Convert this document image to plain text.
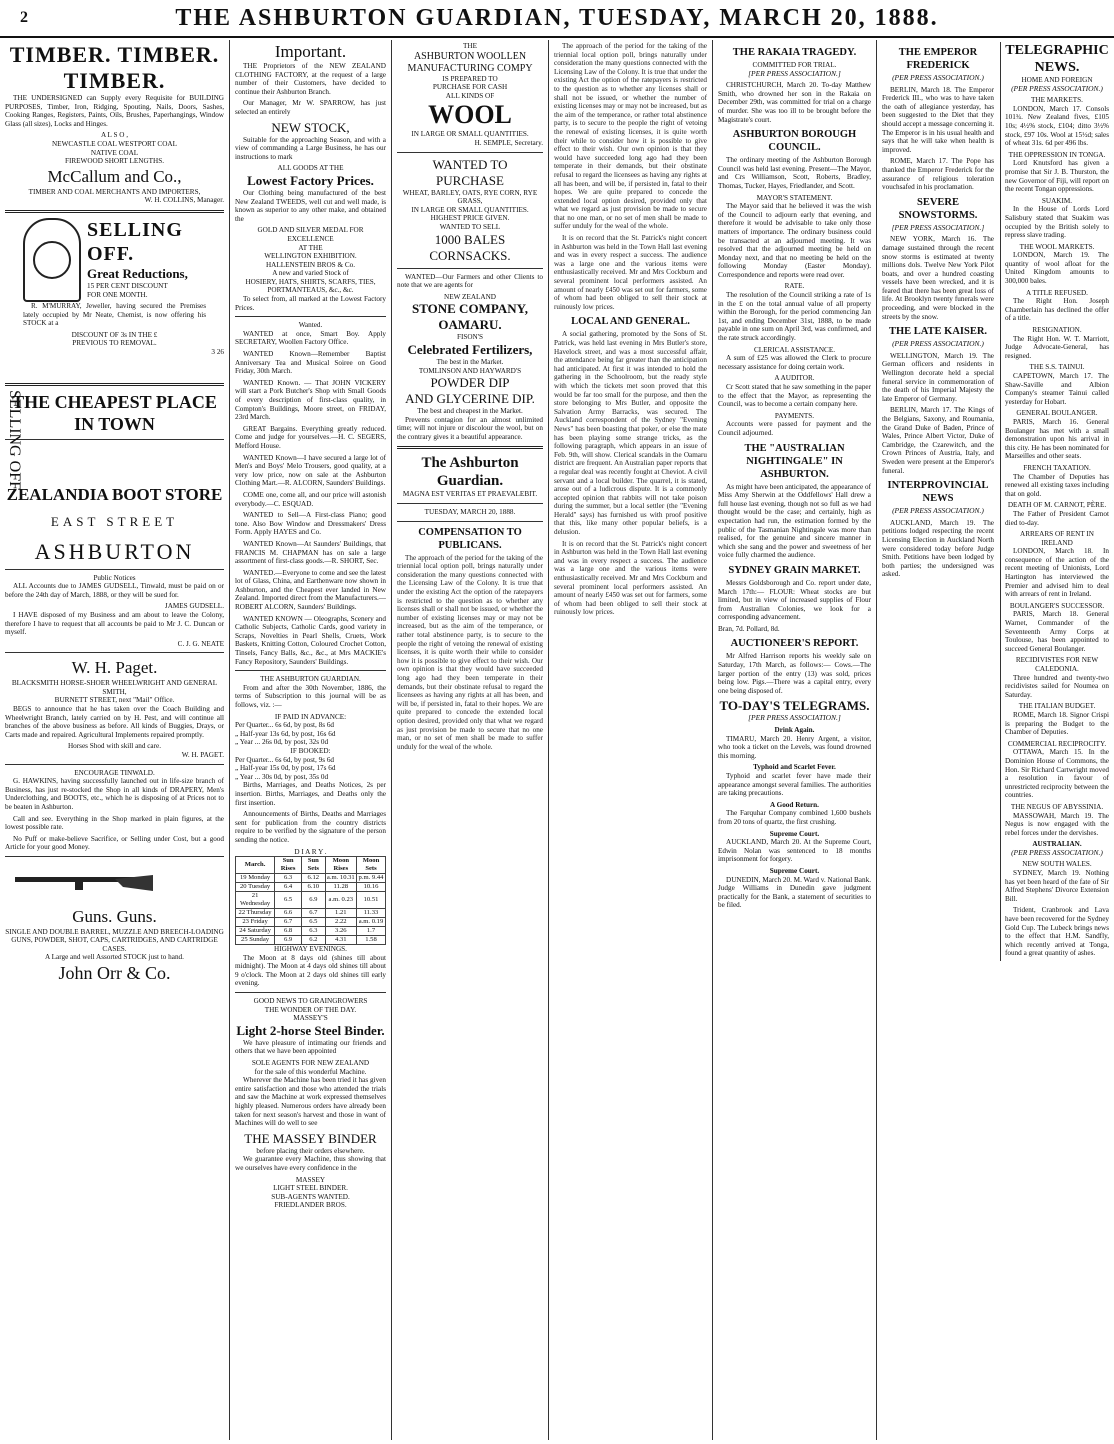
2	THE ASHBURTON GUARDIAN, TUESDAY, MARCH 20, 1888.
TIMBER. TIMBER. TIMBER.

THE UNDERSIGNED can Supply every Requisite for BUILDING PURPOSES, Timber, Iron, Ridging, Spouting, Nails, Doors, Sashes, Cooking Ranges, Registers, Paints, Oils, Brushes, Paperhangings, Window Glass (all sizes), Locks and Hinges.

A L S O ,
NEWCASTLE COAL WESTPORT COAL
NATIVE COAL
FIREWOOD SHORT LENGTHS.
McCallum and Co.,
TIMBER AND COAL MERCHANTS AND IMPORTERS,
W. H. COLLINS, Manager.
SELLING OFF.
Great Reductions,
15 PER CENT DISCOUNT
FOR ONE MONTH.

R. M'MURRAY, Jeweller, having secured the Premises lately occupied by Mr Neate, Chemist, is now offering his STOCK at a

DISCOUNT OF 3s IN THE £
PREVIOUS TO REMOVAL.
3 26
THE CHEAPEST PLACE IN TOWN
ZEALANDIA BOOT STORE
EAST STREET
ASHBURTON
Public Notices

ALL Accounts due to JAMES GUDSELL, Tinwald, must be paid on or before the 24th day of March, 1888, or they will be sued for.

JAMES GUDSELL.

I HAVE disposed of my Business and am about to leave the Colony, therefore I have to request that all accounts be paid to Mr J. C. Duncan or myself.

C. J. G. NEATE
W. H. Paget.
BLACKSMITH HORSE-SHOER WHEELWRIGHT AND GENERAL SMITH,
BURNETT STREET, next "Mail" Office.

BEGS to announce that he has taken over the Coach Building and Wheelwright Branch, lately carried on by H. Pest, and will continue all branches of the above business as before. All kinds of Buggies, Drays, or Carts made and repaired. Agricultural Implements repaired promptly.

Horses Shod with skill and care.
W. H. PAGET.
ENCOURAGE TINWALD.

G. HAWKINS, having successfully launched out in life-size branch of Business, has just re-stocked the Shop in all kinds of DRAPERY, Men's Underclothing, and BOOTS, etc., which he is disposing of at Prices not to be beaten in Ashburton.

Call and see. Everything in the Shop marked in plain figures, at the lowest possible rate.

No Puff or make-believe Sacrifice, or Selling under Cost, but a good Article for your good Money.

Guns. Guns.
SINGLE AND DOUBLE BARREL, MUZZLE AND BREECH-LOADING GUNS, POWDER, SHOT, CAPS, CARTRIDGES, AND CARTRIDGE CASES.
A Large and well Assorted STOCK just to hand.
John Orr & Co.
SELLING OFF
Important.

THE Proprietors of the NEW ZEALAND CLOTHING FACTORY, at the request of a large number of their Customers, have decided to continue their Ashburton Branch.

Our Manager, Mr W. SPARROW, has just selected an entirely

NEW STOCK,

Suitable for the approaching Season, and with a view of commanding a Large Business, he has our instructions to mark

ALL GOODS AT THE
Lowest Factory Prices.

Our Clothing being manufactured of the best New Zealand TWEEDS, well cut and well made, is known as superior to any other make, and obtained the

GOLD AND SILVER MEDAL FOR EXCELLENCE
AT THE
WELLINGTON EXHIBITION.
HALLENSTEIN BROS & Co.
A new and varied Stock of
HOSIERY, HATS, SHIRTS, SCARFS, TIES, PORTMANTEAUS, &c., &c.

To select from, all marked at the Lowest Factory Prices.

Wanted.

WANTED at once, Smart Boy. Apply SECRETARY, Woollen Factory Office.

WANTED Known—Remember Baptist Anniversary Tea and Musical Soiree on Good Friday, 30th March.

WANTED Known. — That JOHN VICKERY will start a Pork Butcher's Shop with Small Goods of every description of first-class quality, in Compton's Buildings, Moore street, on FRIDAY, 23rd March.

GREAT Bargains. Everything greatly reduced. Come and judge for yourselves.—H. C. SEGERS, Mefford House.

WANTED Known—I have secured a large lot of Men's and Boys' Melo Trousers, good quality, at a very low price, now on sale at the Ashburton Clothing Mart.—R. ALCORN, Saunders' Buildings.

COME one, come all, and our price will astonish everybody.—C. ESQUAD.

WANTED to Sell—A First-class Piano; good tone. Also Bow Window and Dressmakers' Dress Form. Apply HAYES and Co.

WANTED Known—At Saunders' Buildings, that FRANCIS M. CHAPMAN has on sale a large assortment of first-class goods.—R. SHORT, Sec.

WANTED.—Everyone to come and see the latest lot of Glass, China, and Earthenware now shown in Ashburton, and the Cheapest ever landed in New Zealand. Imported direct from the Manufacturers.—ROBERT ALCORN, Saunders' Buildings.

WANTED KNOWN — Oleographs, Scenery and Catholic Subjects, Catholic Cards, good variety in Scraps, Novelties in Pearl Shells, Cruets, Work Baskets, Knitting Cotton, Coloured Crochet Cotton, Tinsels, Fancy Balls, &c., &c., at Mrs MACKIE's Fancy Repository, Saunders' Buildings.

THE ASHBURTON GUARDIAN.

From and after the 30th November, 1886, the terms of Subscription to this journal will be as follows, viz. :—

IF PAID IN ADVANCE:
Per Quarter... 6s 6d, by post, 8s 6d
„ Half-year 13s 6d, by post, 16s 6d
„ Year ... 26s 0d, by post, 32s 0d
IF BOOKED:
Per Quarter... 6s 6d, by post, 9s 6d
„ Half-year 15s 0d, by post, 17s 6d
„ Year ... 30s 0d, by post, 35s 0d

Births, Marriages, and Deaths Notices, 2s per insertion. Births, Marriages, and Deaths only the first insertion.

Announcements of Births, Deaths and Marriages sent for publication from the country districts require to be verified by the signature of the person sending the notice.

D I A R Y .
March.	Sun Rises	Sun Sets	Moon Rises	Moon Sets
19 Monday	6.3	6.12	a.m. 10.31	p.m. 9.44
20 Tuesday	6.4	6.10	11.28	10.16
21 Wednesday	6.5	6.9	a.m. 0.23	10.51
22 Thursday	6.6	6.7	1.21	11.33
23 Friday	6.7	6.5	2.22	a.m. 0.19
24 Saturday	6.8	6.3	3.26	1.7
25 Sunday	6.9	6.2	4.31	1.58
HIGHWAY EVENINGS.

The Moon at 8 days old (shines till about midnight). The Moon at 4 days old shines till about 9 o'clock. The Moon at 2 days old shines till early evening.

GOOD NEWS TO GRAINGROWERS
THE WONDER OF THE DAY.
MASSEY'S
Light 2-horse Steel Binder.

We have pleasure of intimating our friends and others that we have been appointed

SOLE AGENTS FOR NEW ZEALAND
for the sale of this wonderful Machine.

Wherever the Machine has been tried it has given entire satisfaction and those who attended the trials and saw the Machine at work expressed themselves highly pleased. Numerous orders have already been taken for next season's harvest and those in want of Machines will do well to see

THE MASSEY BINDER
before placing their orders elsewhere.

We guarantee every Machine, thus showing that we ourselves have every confidence in the

MASSEY
LIGHT STEEL BINDER.
SUB-AGENTS WANTED.
FRIEDLANDER BROS.
THE
ASHBURTON WOOLLEN MANUFACTURING COMPY
IS PREPARED TO
PURCHASE FOR CASH
ALL KINDS OF
WOOL
IN LARGE OR SMALL QUANTITIES.
H. SEMPLE, Secretary.
WANTED TO PURCHASE
WHEAT, BARLEY, OATS, RYE CORN, RYE GRASS,
IN LARGE OR SMALL QUANTITIES.
HIGHEST PRICE GIVEN.
WANTED TO SELL
1000 BALES CORNSACKS.

WANTED—Our Farmers and other Clients to note that we are agents for

NEW ZEALAND
STONE COMPANY, OAMARU.
FISON'S
Celebrated Fertilizers,
The best in the Market.
TOMLINSON AND HAYWARD'S
POWDER DIP
AND GLYCERINE DIP.
The best and cheapest in the Market.

Prevents contagion for an almost unlimited time; will not injure or discolour the wool, but on the contrary gives it a beautiful appearance.

The Ashburton Guardian.
MAGNA EST VERITAS ET PRAEVALEBIT.
TUESDAY, MARCH 20, 1888.
COMPENSATION TO PUBLICANS.

The approach of the period for the taking of the triennial local option poll, brings naturally under consideration the many questions connected with the Licensing Law of the Colony. It is true that under the existing Act the option of the ratepayers is restricted to the question as to whether any licenses shall or shall not be issued, or whether the number of existing licenses may or may not be increased, but as the aim of the temperance, or rather total abstinence party, is to secure to the people the right of vetoing the renewal of existing licenses, it is quite worth their while to consider how it is possible to give effect to their wish. Our own opinion is that they would have succeeded long ago had they been temperate in their demands, but their obstinate refusal to regard the licensees as having any rights at all has been, and will be, if persisted in, fatal to their hopes. We are quite prepared to concede the extended local option desired, provided only that what we regard as just provision be made to secure that no one man, or no set of men shall be made to suffer unduly for the weal of the whole.

The approach of the period for the taking of the triennial local option poll, brings naturally under consideration the many questions connected with the Licensing Law of the Colony. It is true that under the existing Act the option of the ratepayers is restricted to the question as to whether any licenses shall or shall not be issued, or whether the number of existing licenses may or may not be increased, but as the aim of the temperance, or rather total abstinence party, is to secure to the people the right of vetoing the renewal of existing licenses, it is quite worth their while to consider how it is possible to give effect to their wish. Our own opinion is that they would have succeeded long ago had they been temperate in their demands, but their obstinate refusal to regard the licensees as having any rights at all has been, and will be, if persisted in, fatal to their hopes. We are quite prepared to concede the extended local option desired, provided only that what we regard as just provision be made to secure that no one man, or no set of men shall be made to suffer unduly for the weal of the whole.

It is on record that the St. Patrick's night concert in Ashburton was held in the Town Hall last evening and was in every respect a success. The audience was a large one and the various items were enthusiastically received. Mr and Mrs Cockburn and several prominent local performers assisted. An amount of nearly £450 was set out for farmers, some of whom had been obliged to sell their stock at ruinously low prices.

LOCAL AND GENERAL.

A social gathering, promoted by the Sons of St. Patrick, was held last evening in Mrs Butler's store, Havelock street, and was a most successful affair, the attendance being far greater than the anticipation had anticipated. At first it was intended to hold the gathering in the Schoolroom, but the ready style with which the tickets met soon proved that this would be far too small for the purpose, and then the store belonging to Mrs Butler, and opposite the Salvation Army Barracks, was secured. The Auckland correspondent of the Sydney "Evening News" has been boasting that poker, or else the mate has been playing some strange tricks, as the following paragraph, which appears in an issue of Feb. 9th, will show. Clerical scandals in the Oamaru district are frequent. An Australian paper reports that a regular deal was recently fought at Cheviot. A civil servant and a local builder. The quarrel, it is stated, arose out of a ludicrous dispute. It is a commonly accepted opinion that rabbits will not take poison during the summer, but a local settler (the "Evening Herald" says) has furnished us with proof positive that this, like many other popular beliefs, is a delusion.

It is on record that the St. Patrick's night concert in Ashburton was held in the Town Hall last evening and was in every respect a success. The audience was a large one and the various items were enthusiastically received. Mr and Mrs Cockburn and several prominent local performers assisted. An amount of nearly £450 was set out for farmers, some of whom had been obliged to sell their stock at ruinously low prices.

THE RAKAIA TRAGEDY.
COMMITTED FOR TRIAL.
[PER PRESS ASSOCIATION.]

CHRISTCHURCH, March 20. To-day Matthew Smith, who drowned her son in the Rakaia on December 29th, was committed for trial on a charge of murder. She was too ill to be brought before the Magistrate's court.

ASHBURTON BOROUGH COUNCIL.

The ordinary meeting of the Ashburton Borough Council was held last evening. Present—The Mayor, and Crs Williamson, Scott, Roberts, Bradley, Thomas, Tucker, Hayes, Friedlander, and Scott.

MAYOR'S STATEMENT.

The Mayor said that he believed it was the wish of the Council to adjourn early that evening, and therefore it would be advisable to take only those matters of importance. The ordinary business could be transacted at an adjourned meeting. It was resolved that the adjourned meeting be held on Monday next, and that no meeting be held on the following Monday (Easter Monday). Correspondence and reports were read over.

RATE.

The resolution of the Council striking a rate of 1s in the £ on the total annual value of all property within the Borough, for the period commencing Jan 1st, and ending December 31st, 1888, to be made payable in one sum on April 3rd, was confirmed, and the rate struck accordingly.

CLERICAL ASSISTANCE.

A sum of £25 was allowed the Clerk to procure necessary assistance for doing certain work.

A AUDITOR.

Cr Scott stated that he saw something in the paper to the effect that the Mayor, as representing the Council, was to become a certain company here.

PAYMENTS.

Accounts were passed for payment and the Council adjourned.

THE "AUSTRALIAN NIGHTINGALE" IN ASHBURTON.

As might have been anticipated, the appearance of Miss Amy Sherwin at the Oddfellows' Hall drew a full house last evening, though not so full as we had thought would be the case; and certainly, high as expectation had run, the estimation formed by the public of the Tasmanian Nightingale was more than realised, for the genuine and sincere manner in which she sang and the power and sweetness of her voice fully charmed the audience.

SYDNEY GRAIN MARKET.

Messrs Goldsborough and Co. report under date, March 17th:— FLOUR: Wheat stocks are but limited, but in view of increased supplies of Flour from Australian Colonies, we look for a corresponding advancement.

Bran, 7d. Pollard, 8d.
AUCTIONEER'S REPORT.

Mr Alfred Harrison reports his weekly sale on Saturday, 17th March, as follows:— Cows.—The larger portion of the entry (13) was sold, prices being low. Pigs.—There was a capital entry, every one being disposed of.

TO-DAY'S TELEGRAMS.
[PER PRESS ASSOCIATION.]
Drink Again.

TIMARU, March 20. Henry Argent, a visitor, who took a ticket on the Levels, was found drowned this morning.

Typhoid and Scarlet Fever.

Typhoid and scarlet fever have made their appearance amongst several families. The authorities are taking precautions.

A Good Return.

The Farquhar Company combined 1,600 bushels from 20 tons of quartz, the first crushing.

Supreme Court.

AUCKLAND, March 20. At the Supreme Court, Edwin Nolan was sentenced to 18 months imprisonment for forgery.

Supreme Court.

DUNEDIN, March 20. M. Ward v. National Bank. Judge Williams in Dunedin gave judgment practically for the Bank, a statement of securities to be filed.

THE EMPEROR FREDERICK
(PER PRESS ASSOCIATION.)

BERLIN, March 18. The Emperor Frederick III., who was to have taken the oath of allegiance yesterday, has been suggested to the Diet that they should accept a message concerning it. The Emperor is in his usual health and says that he will take when health is improved.

ROME, March 17. The Pope has thanked the Emperor Frederick for the assurance of religious toleration vouchsafed in his proclamation.

SEVERE SNOWSTORMS.
[PER PRESS ASSOCIATION.]

NEW YORK, March 16. The damage sustained through the recent snow storms is estimated at twenty millions dols. Twelve New York Pilot boats, and over a hundred coasting vessels have been wrecked, and it is feared that there has been great loss of life. At Brooklyn twenty funerals were proceeding, and were blocked in the streets by the snow.

THE LATE KAISER.
(PER PRESS ASSOCIATION.)

WELLINGTON, March 19. The German officers and residents in Wellington decorate held a special funeral service in commemoration of the death of his Imperial Majesty the late Emperor of Germany.

BERLIN, March 17. The Kings of the Belgians, Saxony, and Roumania, the Grand Duke of Baden, Prince of Wales, Prince Albert Victor, Duke of Cambridge, the Czarewitch, and the Crown Princes of Austria, Italy, and Sweden were present at the Emperor's funeral.

INTERPROVINCIAL NEWS
(PER PRESS ASSOCIATION.)

AUCKLAND, March 19. The petitions lodged respecting the recent Licensing Election in Auckland North were considered today before Judge Smith. Petitions have been lodged by both parties; the undersigned was asked.

TELEGRAPHIC NEWS.
HOME AND FOREIGN
(PER PRESS ASSOCIATION.)
THE MARKETS.

LONDON, March 17. Consols 101¾. New Zealand fives, £105 10s; 4½% stock, £104; ditto 3½% stock, £97 10s. Wool at 15½d; sales of wheat 31s. 6d per 496 lbs.

THE OPPRESSION IN TONGA.

Lord Knutsford has given a promise that Sir J. B. Thurston, the new Governor of Fiji, will report on the recent Tongan oppressions.

SUAKIM.

In the House of Lords Lord Salisbury stated that Suakim was occupied by the British solely to repress slave trading.

THE WOOL MARKETS.

LONDON, March 19. The quantity of wool afloat for the United Kingdom amounts to 300,000 bales.

A TITLE REFUSED.

The Right Hon. Joseph Chamberlain has declined the offer of a title.

RESIGNATION.

The Right Hon. W. T. Marriott, Judge Advocate-General, has resigned.

THE S.S. TAINUI.

CAPETOWN, March 17. The Shaw-Saville and Albion Company's steamer Tainui called yesterday for Hobart.

GENERAL BOULANGER.

PARIS, March 16. General Boulanger has met with a small demonstration upon his arrival in this city. He has been nominated for Marseilles and other seats.

FRENCH TAXATION.

The Chamber of Deputies has renewed all existing taxes including that on gold.

DEATH OF M. CARNOT, PÈRE.

The Father of President Carnot died to-day.

ARREARS OF RENT IN IRELAND

LONDON, March 18. In consequence of the action of the recent meeting of Unionists, Lord Hartington has interviewed the Premier and advised him to deal with arrears of rent in Ireland.

BOULANGER'S SUCCESSOR.

PARIS, March 18. General Warnet, Commander of the Seventeenth Army Corps at Toulouse, has been appointed to succeed General Boulanger.

RECIDIVISTES FOR NEW CALEDONIA.

Three hundred and twenty-two recidivistes sailed for Noumea on Saturday.

THE ITALIAN BUDGET.

ROME, March 18. Signor Crispi is preparing the Budget to the Chamber of Deputies.

COMMERCIAL RECIPROCITY.

OTTAWA, March 15. In the Dominion House of Commons, the Hon. Sir Richard Cartwright moved a resolution in favour of unrestricted reciprocity between the countries.

THE NEGUS OF ABYSSINIA.

MASSOWAH, March 19. The Negus is now engaged with the rebel forces under the dervishes.

AUSTRALIAN.
(PER PRESS ASSOCIATION.)
NEW SOUTH WALES.

SYDNEY, March 19. Nothing has yet been heard of the fate of Sir Alfred Stephens' Divorce Extension Bill.

Trident, Cranbrook and Lava have been recovered for the Sydney Gold Cup. The Lubeck brings news to the effect that H.M. Sandfly, which recently arrived at Tonga, found a great quantity of ashes.
